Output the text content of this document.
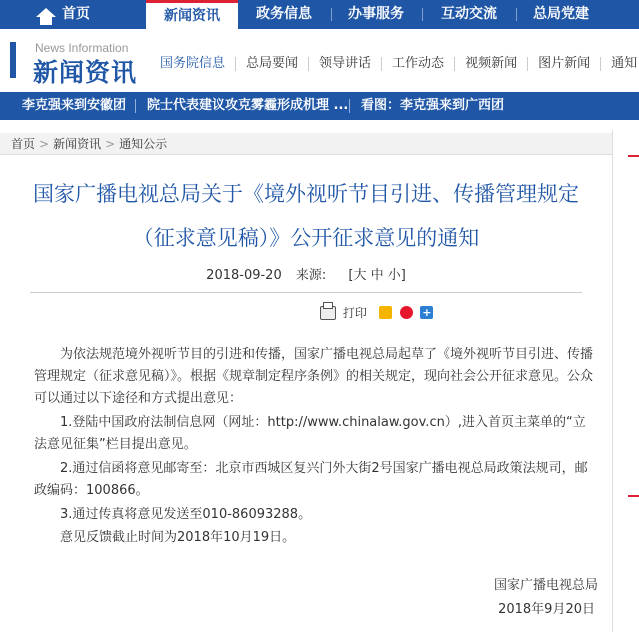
首页	新闻资讯	政务信息	办事服务	互动交流	总局党建
News Information
新闻资讯 国务院信息 总局要闻 领导讲话 工作动态 视频新闻 图片新闻 通知
李克强来到安徽团 院士代表建议攻克雾霾形成机理 ... 看图：李克强来到广西团
首页 > 新闻资讯 > 通知公示
国家广播电视总局关于《境外视听节目引进、传播管理规定
（征求意见稿）》公开征求意见的通知
2018-09-20 来源: [大 中 小]
打印	+
为依法规范境外视听节目的引进和传播，国家广播电视总局起草了《境外视听节目引进、传播管理规定（征求意见稿）》。根据《规章制定程序条例》的相关规定，现向社会公开征求意见。公众可以通过以下途径和方式提出意见：
1.登陆中国政府法制信息网（网址：http://www.chinalaw.gov.cn）,进入首页主菜单的“立法意见征集”栏目提出意见。
2.通过信函将意见邮寄至：北京市西城区复兴门外大街2号国家广播电视总局政策法规司，邮政编码：100866。
3.通过传真将意见发送至010-86093288。
意见反馈截止时间为2018年10月19日。
国家广播电视总局
2018年9月20日
